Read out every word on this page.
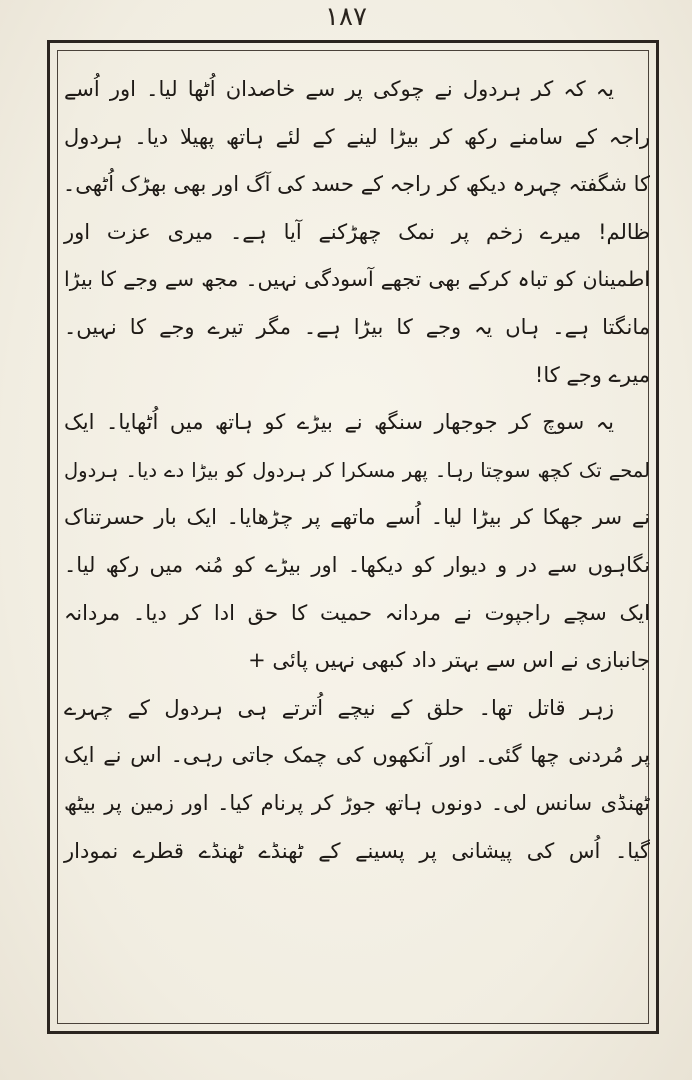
۱۸۷
یہ کہ کر ہردول نے چوکی پر سے خاصدان اُٹھا لیا۔ اور اُسے
راجہ کے سامنے رکھ کر بیڑا لینے کے لئے ہاتھ پھیلا دیا۔ ہردول
کا شگفتہ چہرہ دیکھ کر راجہ کے حسد کی آگ اور بھی بھڑک اُٹھی۔
ظالم! میرے زخم پر نمک چھڑکنے آیا ہے۔ میری عزت اور
اطمینان کو تباہ کرکے بھی تجھے آسودگی نہیں۔ مجھ سے وجے کا بیڑا
مانگتا ہے۔ ہاں یہ وجے کا بیڑا ہے۔ مگر تیرے وجے کا نہیں۔
میرے وجے کا!
یہ سوچ کر جوجھار سنگھ نے بیڑے کو ہاتھ میں اُٹھایا۔ ایک
لمحے تک کچھ سوچتا رہا۔ پھر مسکرا کر ہردول کو بیڑا دے دیا۔ ہردول
نے سر جھکا کر بیڑا لیا۔ اُسے ماتھے پر چڑھایا۔ ایک بار حسرتناک
نگاہوں سے در و دیوار کو دیکھا۔ اور بیڑے کو مُنہ میں رکھ لیا۔
ایک سچے راجپوت نے مردانہ حمیت کا حق ادا کر دیا۔ مردانہ
جانبازی نے اس سے بہتر داد کبھی نہیں پائی +
زہر قاتل تھا۔ حلق کے نیچے اُترتے ہی ہردول کے چہرے
پر مُردنی چھا گئی۔ اور آنکھوں کی چمک جاتی رہی۔ اس نے ایک
ٹھنڈی سانس لی۔ دونوں ہاتھ جوڑ کر پرنام کیا۔ اور زمین پر بیٹھ
گیا۔ اُس کی پیشانی پر پسینے کے ٹھنڈے ٹھنڈے قطرے نمودار
